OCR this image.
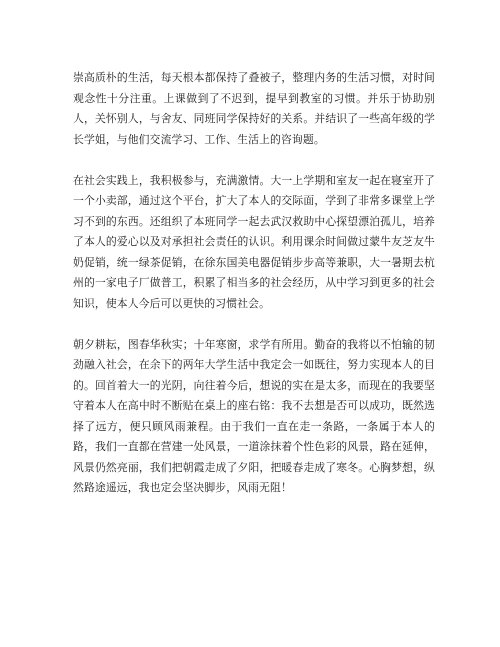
崇高质朴的生活，每天根本都保持了叠被子，整理内务的生活习惯，对时间观念性十分注重。上课做到了不迟到，提早到教室的习惯。并乐于协助别人，关怀别人，与舍友、同班同学保持好的关系。并结识了一些高年级的学长学姐，与他们交流学习、工作、生活上的咨询题。

在社会实践上，我积极参与，充满激情。大一上学期和室友一起在寝室开了一个小卖部，通过这个平台，扩大了本人的交际面，学到了非常多课堂上学习不到的东西。还组织了本班同学一起去武汉救助中心探望漂泊孤儿，培养了本人的爱心以及对承担社会责任的认识。利用课余时间做过蒙牛友芝友牛奶促销，统一绿茶促销，在徐东国美电器促销步步高等兼职，大一暑期去杭州的一家电子厂做普工，积累了相当多的社会经历，从中学习到更多的社会知识，使本人今后可以更快的习惯社会。

朝夕耕耘，图春华秋实；十年寒窗，求学有所用。勤奋的我将以不怕输的韧劲融入社会，在余下的两年大学生活中我定会一如既往，努力实现本人的目的。回首着大一的光阴，向往着今后，想说的实在是太多，而现在的我要坚守着本人在高中时不断贴在桌上的座右铭：我不去想是否可以成功，既然选择了远方，便只顾风雨兼程。由于我们一直在走一条路，一条属于本人的路，我们一直都在营建一处风景，一道涂抹着个性色彩的风景，路在延伸，风景仍然亮丽，我们把朝霞走成了夕阳，把暖春走成了寒冬。心胸梦想，纵然路途遥远，我也定会坚决脚步，风雨无阻！
